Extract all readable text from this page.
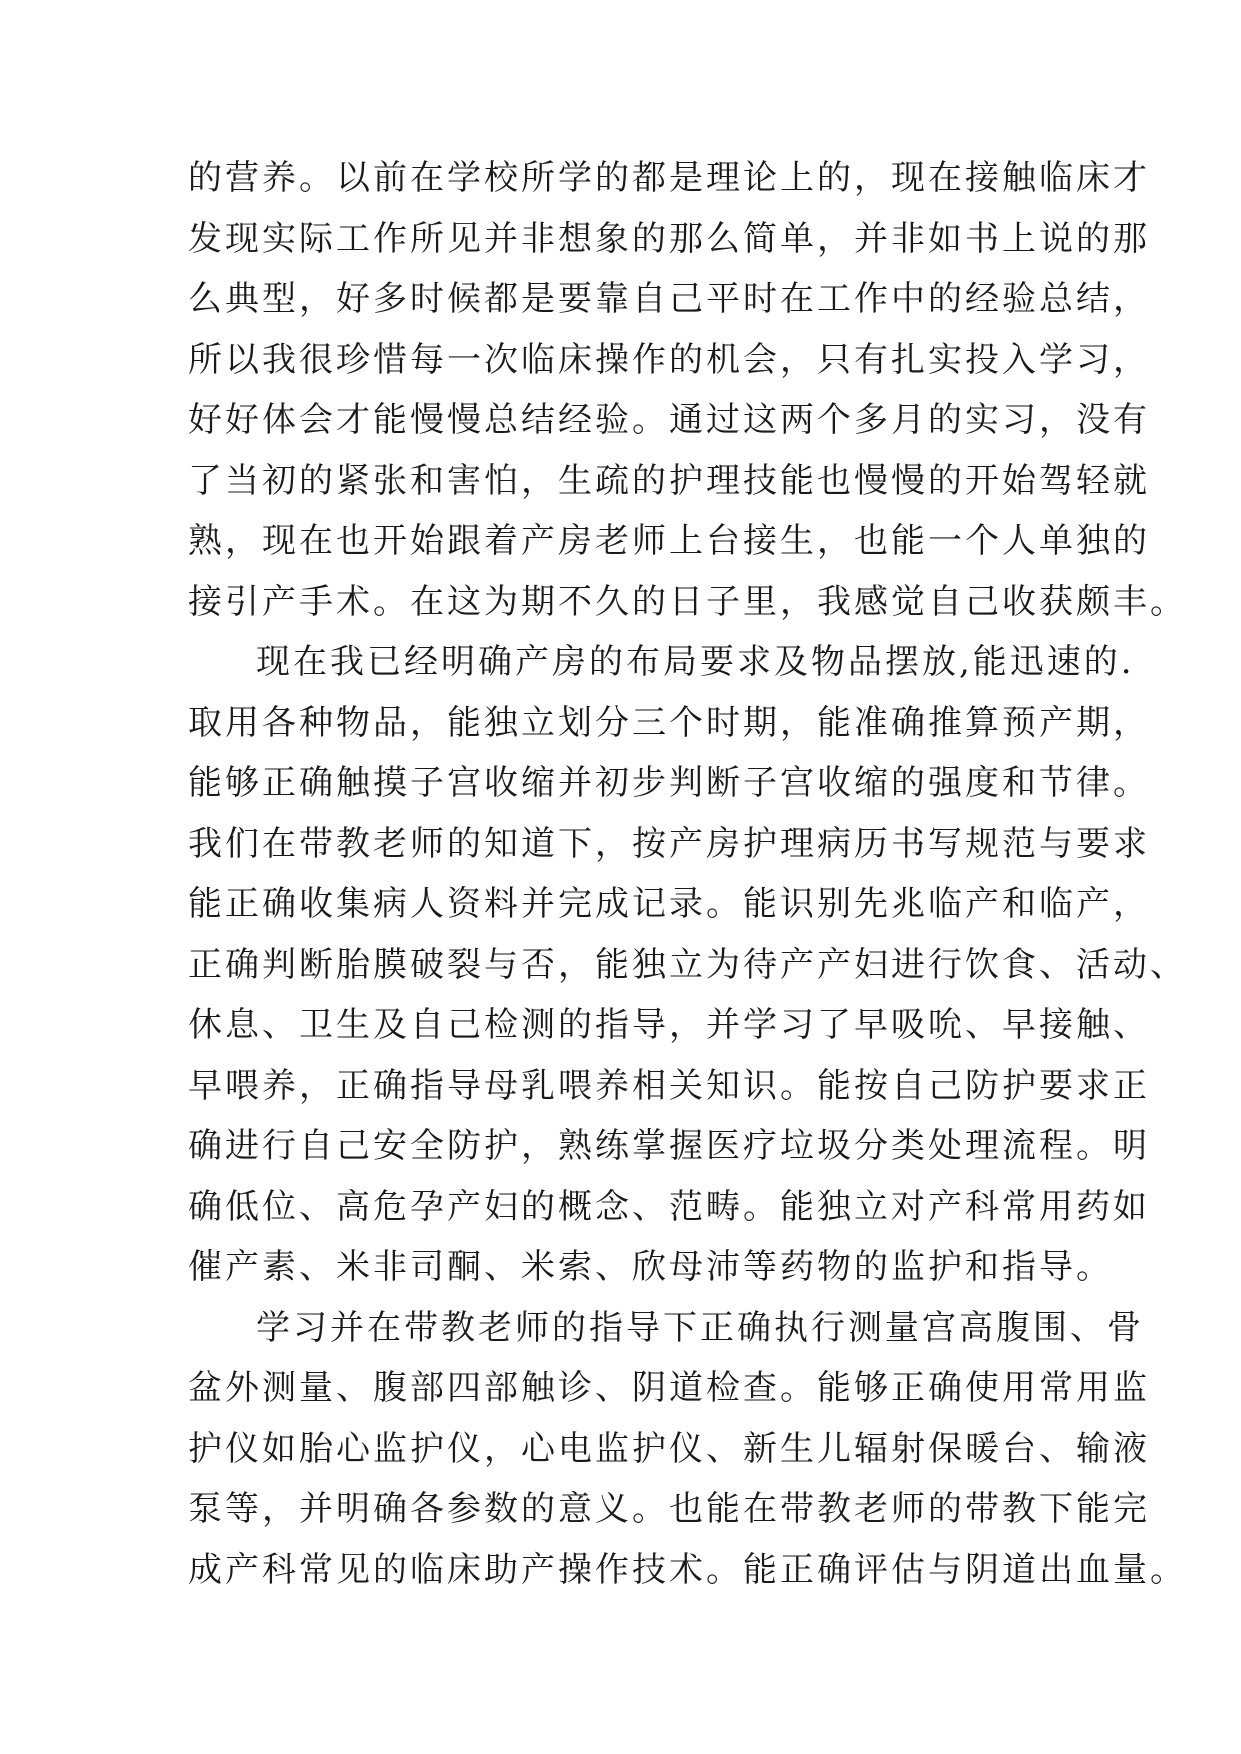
的营养。以前在学校所学的都是理论上的，现在接触临床才
发现实际工作所见并非想象的那么简单，并非如书上说的那
么典型，好多时候都是要靠自己平时在工作中的经验总结，
所以我很珍惜每一次临床操作的机会，只有扎实投入学习，
好好体会才能慢慢总结经验。通过这两个多月的实习，没有
了当初的紧张和害怕，生疏的护理技能也慢慢的开始驾轻就
熟，现在也开始跟着产房老师上台接生，也能一个人单独的
接引产手术。在这为期不久的日子里，我感觉自己收获颇丰。
现在我已经明确产房的布局要求及物品摆放,能迅速的.
取用各种物品，能独立划分三个时期，能准确推算预产期，
能够正确触摸子宫收缩并初步判断子宫收缩的强度和节律。
我们在带教老师的知道下，按产房护理病历书写规范与要求
能正确收集病人资料并完成记录。能识别先兆临产和临产，
正确判断胎膜破裂与否，能独立为待产产妇进行饮食、活动、
休息、卫生及自己检测的指导，并学习了早吸吮、早接触、
早喂养，正确指导母乳喂养相关知识。能按自己防护要求正
确进行自己安全防护，熟练掌握医疗垃圾分类处理流程。明
确低位、高危孕产妇的概念、范畴。能独立对产科常用药如
催产素、米非司酮、米索、欣母沛等药物的监护和指导。
学习并在带教老师的指导下正确执行测量宫高腹围、骨
盆外测量、腹部四部触诊、阴道检查。能够正确使用常用监
护仪如胎心监护仪，心电监护仪、新生儿辐射保暖台、输液
泵等，并明确各参数的意义。也能在带教老师的带教下能完
成产科常见的临床助产操作技术。能正确评估与阴道出血量。
